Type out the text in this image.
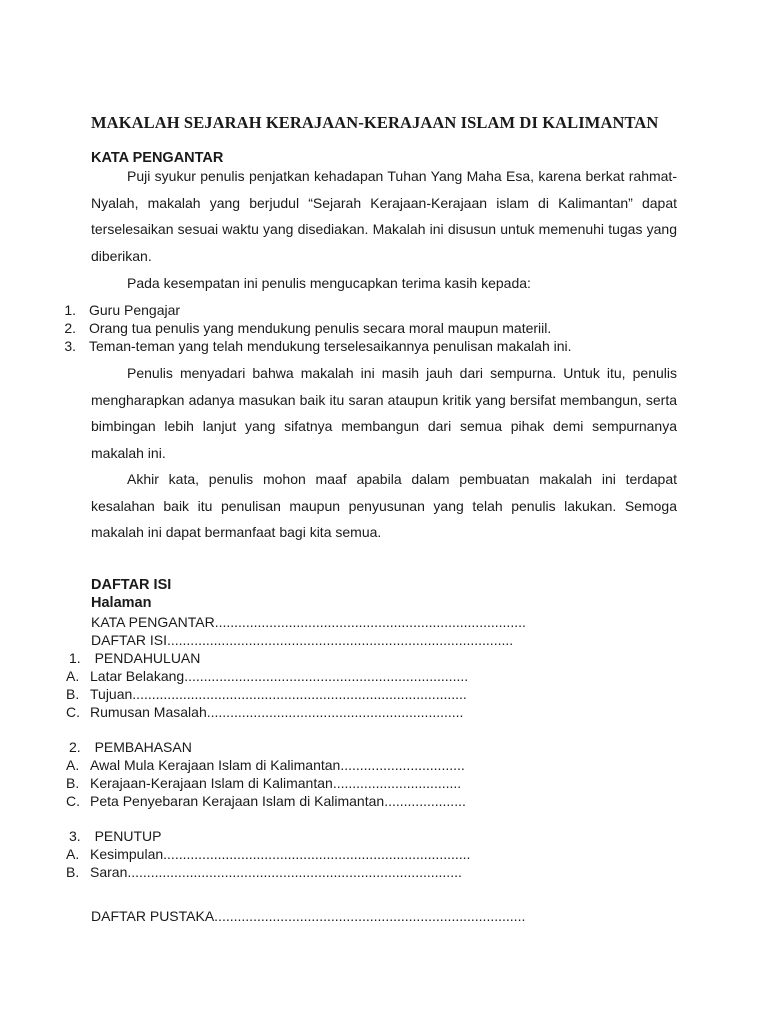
MAKALAH SEJARAH KERAJAAN-KERAJAAN ISLAM DI KALIMANTAN
KATA PENGANTAR

Puji syukur penulis penjatkan kehadapan Tuhan Yang Maha Esa, karena berkat rahmat-Nyalah, makalah yang berjudul “Sejarah Kerajaan-Kerajaan islam di Kalimantan” dapat terselesaikan sesuai waktu yang disediakan. Makalah ini disusun untuk memenuhi tugas yang diberikan.

Pada kesempatan ini penulis mengucapkan terima kasih kepada:

1. Guru Pengajar
2. Orang tua penulis yang mendukung penulis secara moral maupun materiil.
3. Teman-teman yang telah mendukung terselesaikannya penulisan makalah ini.

Penulis menyadari bahwa makalah ini masih jauh dari sempurna. Untuk itu, penulis mengharapkan adanya masukan baik itu saran ataupun kritik yang bersifat membangun, serta bimbingan lebih lanjut yang sifatnya membangun dari semua pihak demi sempurnanya makalah ini.

Akhir kata, penulis mohon maaf apabila dalam pembuatan makalah ini terdapat kesalahan baik itu penulisan maupun penyusunan yang telah penulis lakukan. Semoga makalah ini dapat bermanfaat bagi kita semua.

DAFTAR ISI
Halaman
KATA PENGANTAR................................................................................
DAFTAR ISI.........................................................................................
1. PENDAHULUAN
A. Latar Belakang.........................................................................
B. Tujuan......................................................................................
C. Rumusan Masalah..................................................................
2. PEMBAHASAN
A. Awal Mula Kerajaan Islam di Kalimantan................................
B. Kerajaan-Kerajaan Islam di Kalimantan.................................
C. Peta Penyebaran Kerajaan Islam di Kalimantan.....................
3. PENUTUP
A. Kesimpulan...............................................................................
B. Saran......................................................................................
DAFTAR PUSTAKA................................................................................
